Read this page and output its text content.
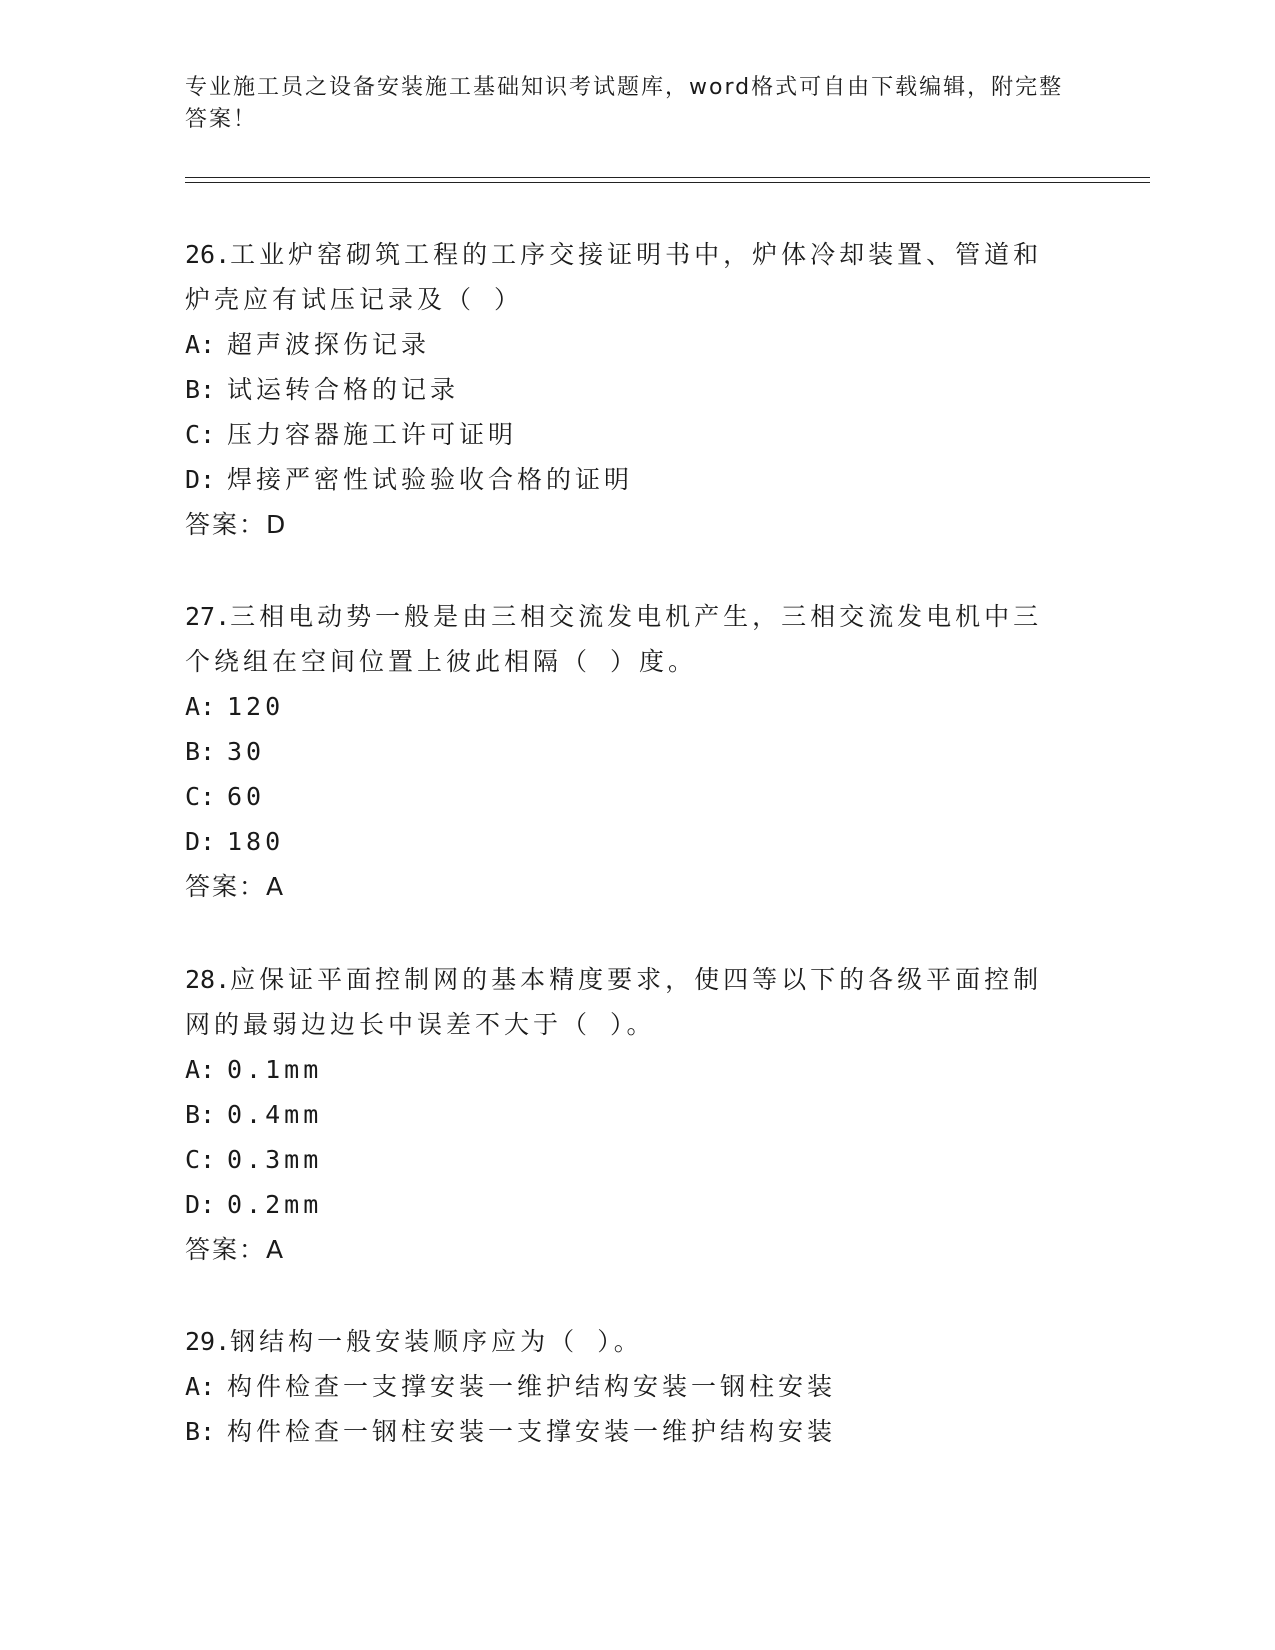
专业施工员之设备安装施工基础知识考试题库，word格式可自由下载编辑，附完整答案！

26.工业炉窑砌筑工程的工序交接证明书中，炉体冷却装置、管道和炉壳应有试压记录及（ ）

A: 超声波探伤记录
B: 试运转合格的记录
C: 压力容器施工许可证明
D: 焊接严密性试验验收合格的证明
答案：D

27.三相电动势一般是由三相交流发电机产生，三相交流发电机中三个绕组在空间位置上彼此相隔（ ）度。

A: 120
B: 30
C: 60
D: 180
答案：A

28.应保证平面控制网的基本精度要求，使四等以下的各级平面控制网的最弱边边长中误差不大于（ ）。

A: 0.1mm
B: 0.4mm
C: 0.3mm
D: 0.2mm
答案：A

29.钢结构一般安装顺序应为（ ）。

A: 构件检查一支撑安装一维护结构安装一钢柱安装
B: 构件检查一钢柱安装一支撑安装一维护结构安装
